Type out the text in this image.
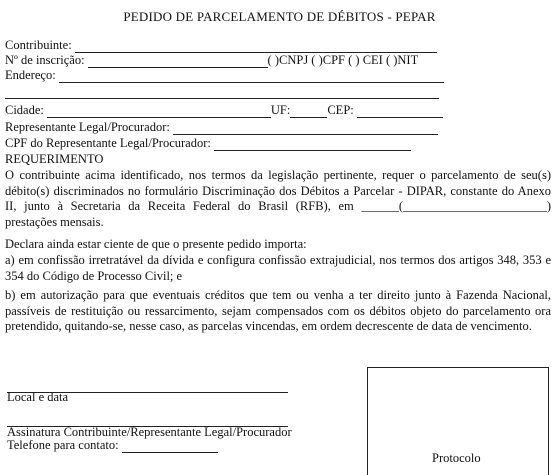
PEDIDO DE PARCELAMENTO DE DÉBITOS - PEPAR
Contribuinte:
Nº de inscrição:	( )CNPJ ( )CPF ( ) CEI ( )NIT
Endereço:
Cidade:	UF:	CEP:
Representante Legal/Procurador:
CPF do Representante Legal/Procurador:
REQUERIMENTO
O contribuinte acima identificado, nos termos da legislação pertinente, requer o parcelamento de seu(s) débito(s) discriminados no formulário Discriminação dos Débitos a Parcelar - DIPAR, constante do Anexo II, junto à Secretaria da Receita Federal do Brasil (RFB), em ______(_______________________) prestações mensais.
Declara ainda estar ciente de que o presente pedido importa:
a) em confissão irretratável da dívida e configura confissão extrajudicial, nos termos dos artigos 348, 353 e 354 do Código de Processo Civil; e
b) em autorização para que eventuais créditos que tem ou venha a ter direito junto à Fazenda Nacional, passíveis de restituição ou ressarcimento, sejam compensados com os débitos objeto do parcelamento ora pretendido, quitando-se, nesse caso, as parcelas vincendas, em ordem decrescente de data de vencimento.
Local e data
Assinatura Contribuinte/Representante Legal/Procurador
Telefone para contato:
Protocolo
